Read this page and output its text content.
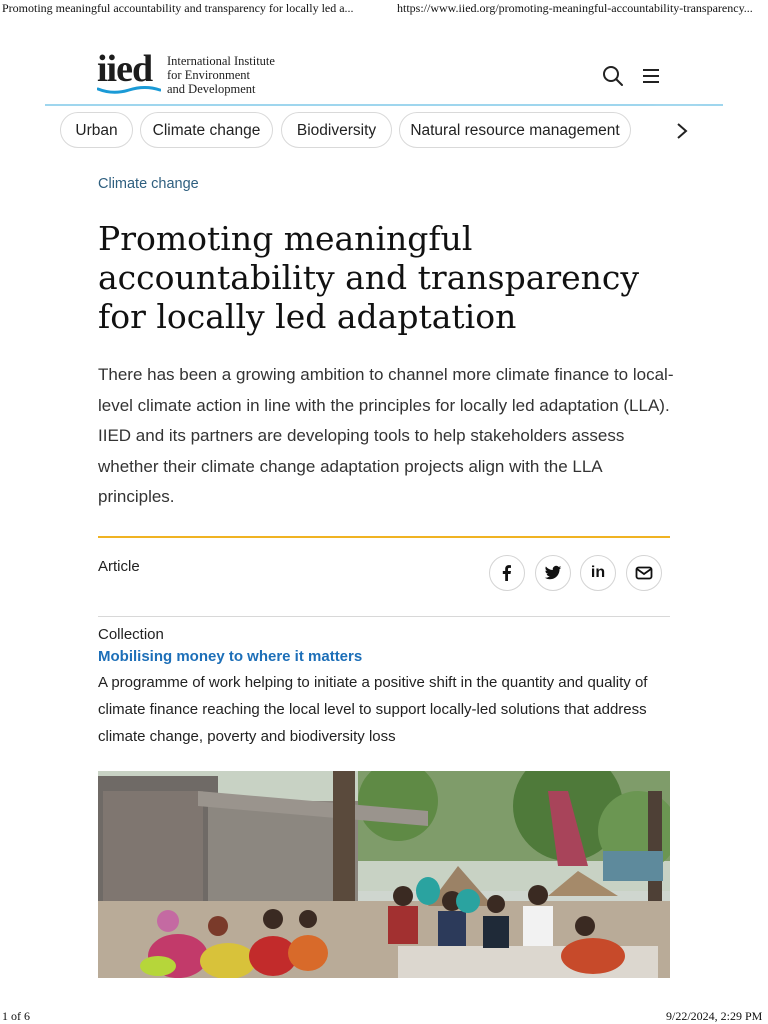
Promoting meaningful accountability and transparency for locally led a...	https://www.iied.org/promoting-meaningful-accountability-transparency...
iied International Institute
for Environment
and Development
Urban	Climate change	Biodiversity	Natural resource management
Climate change
Promoting meaningful accountability and transparency for locally led adaptation

There has been a growing ambition to channel more climate finance to local-level climate action in line with the principles for locally led adaptation (LLA). IIED and its partners are developing tools to help stakeholders assess whether their climate change adaptation projects align with the LLA principles.

Article	in
Collection
Mobilising money to where it matters

A programme of work helping to initiate a positive shift in the quantity and quality of climate finance reaching the local level to support locally-led solutions that address climate change, poverty and biodiversity loss

1 of 6	9/22/2024, 2:29 PM
